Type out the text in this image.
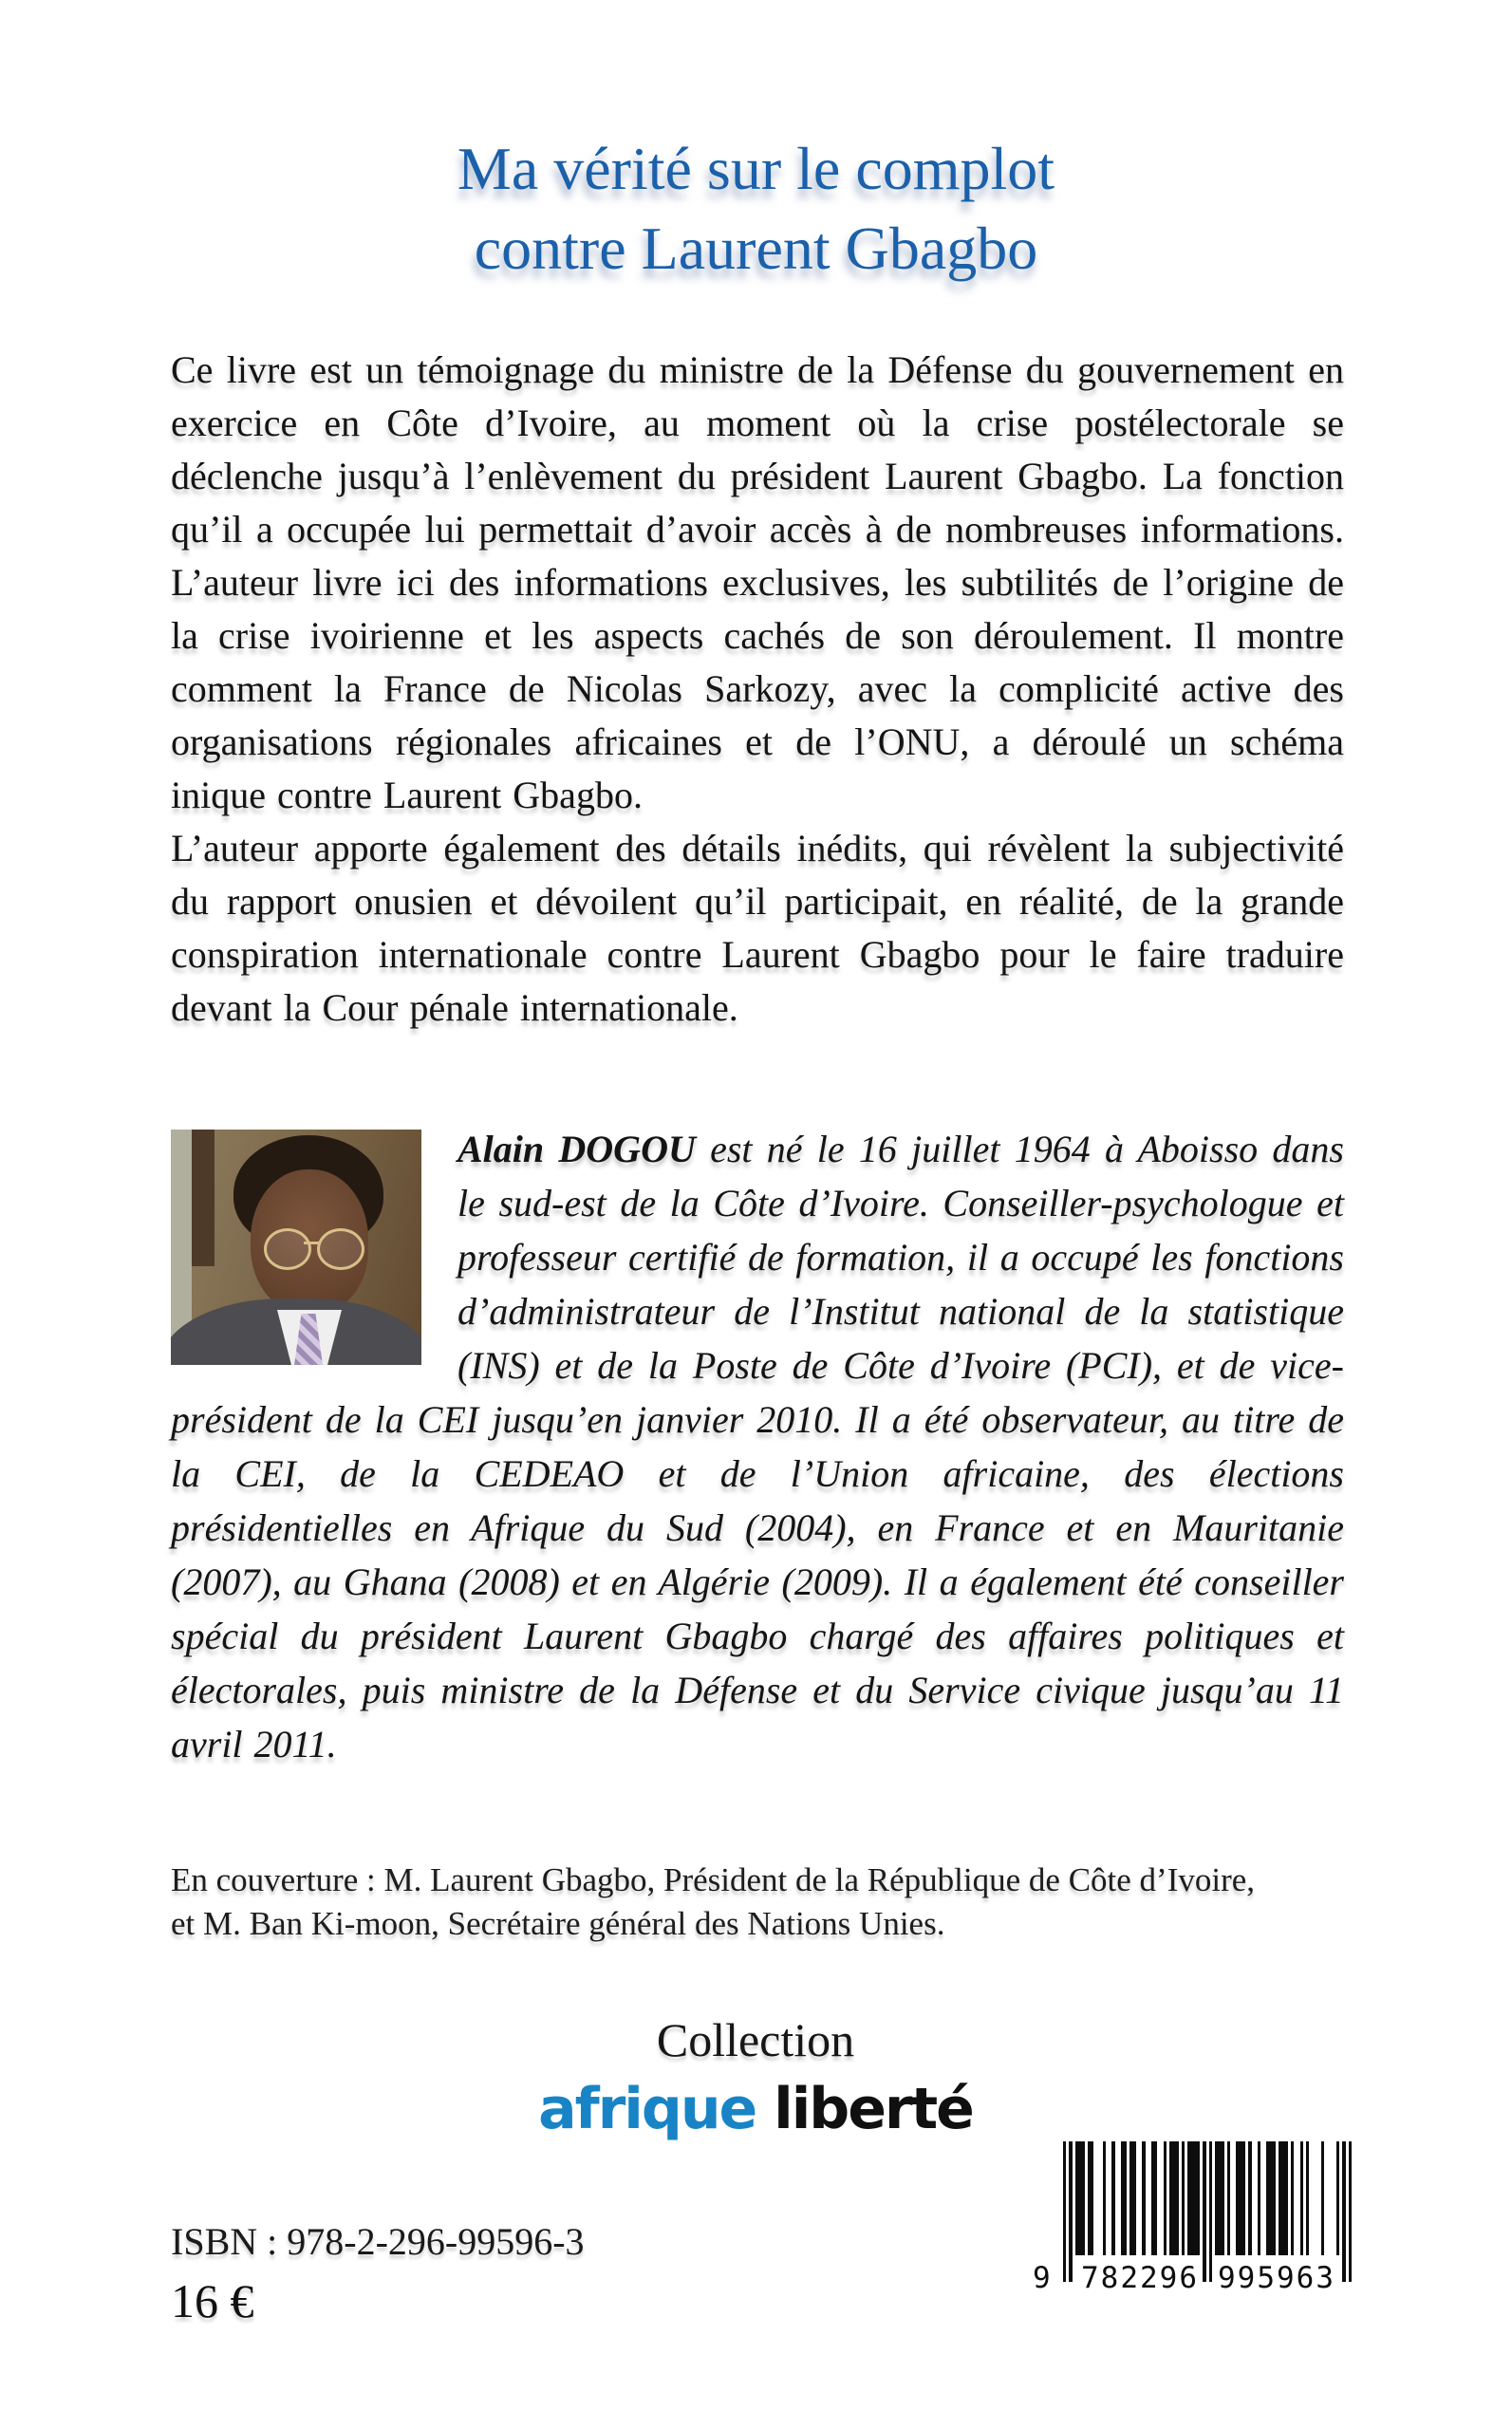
Ma vérité sur le complot
contre Laurent Gbagbo

Ce livre est un témoignage du ministre de la Défense du gouvernement en exercice en Côte d’Ivoire, au moment où la crise postélectorale se déclenche jusqu’à l’enlèvement du président Laurent Gbagbo. La fonction qu’il a occupée lui permettait d’avoir accès à de nombreuses informations. L’auteur livre ici des informations exclusives, les subtilités de l’origine de la crise ivoirienne et les aspects cachés de son déroulement. Il montre comment la France de Nicolas Sarkozy, avec la complicité active des organisations régionales africaines et de l’ONU, a déroulé un schéma inique contre Laurent Gbagbo.

L’auteur apporte également des détails inédits, qui révèlent la subjectivité du rapport onusien et dévoilent qu’il participait, en réalité, de la grande conspiration internationale contre Laurent Gbagbo pour le faire traduire devant la Cour pénale internationale.

Alain DOGOU est né le 16 juillet 1964 à Aboisso dans le sud-est de la Côte d’Ivoire. Conseiller-psychologue et professeur certifié de formation, il a occupé les fonctions d’administrateur de l’Institut national de la statistique (INS) et de la Poste de Côte d’Ivoire (PCI), et de vice-président de la CEI jusqu’en janvier 2010. Il a été observateur, au titre de la CEI, de la CEDEAO et de l’Union africaine, des élections présidentielles en Afrique du Sud (2004), en France et en Mauritanie (2007), au Ghana (2008) et en Algérie (2009). Il a également été conseiller spécial du président Laurent Gbagbo chargé des affaires politiques et électorales, puis ministre de la Défense et du Service civique jusqu’au 11 avril 2011.

En couverture : M. Laurent Gbagbo, Président de la République de Côte d’Ivoire,
et M. Ban Ki-moon, Secrétaire général des Nations Unies.
Collection
afrique liberté
ISBN : 978-2-296-99596-3
16 €	9 782296 995963
